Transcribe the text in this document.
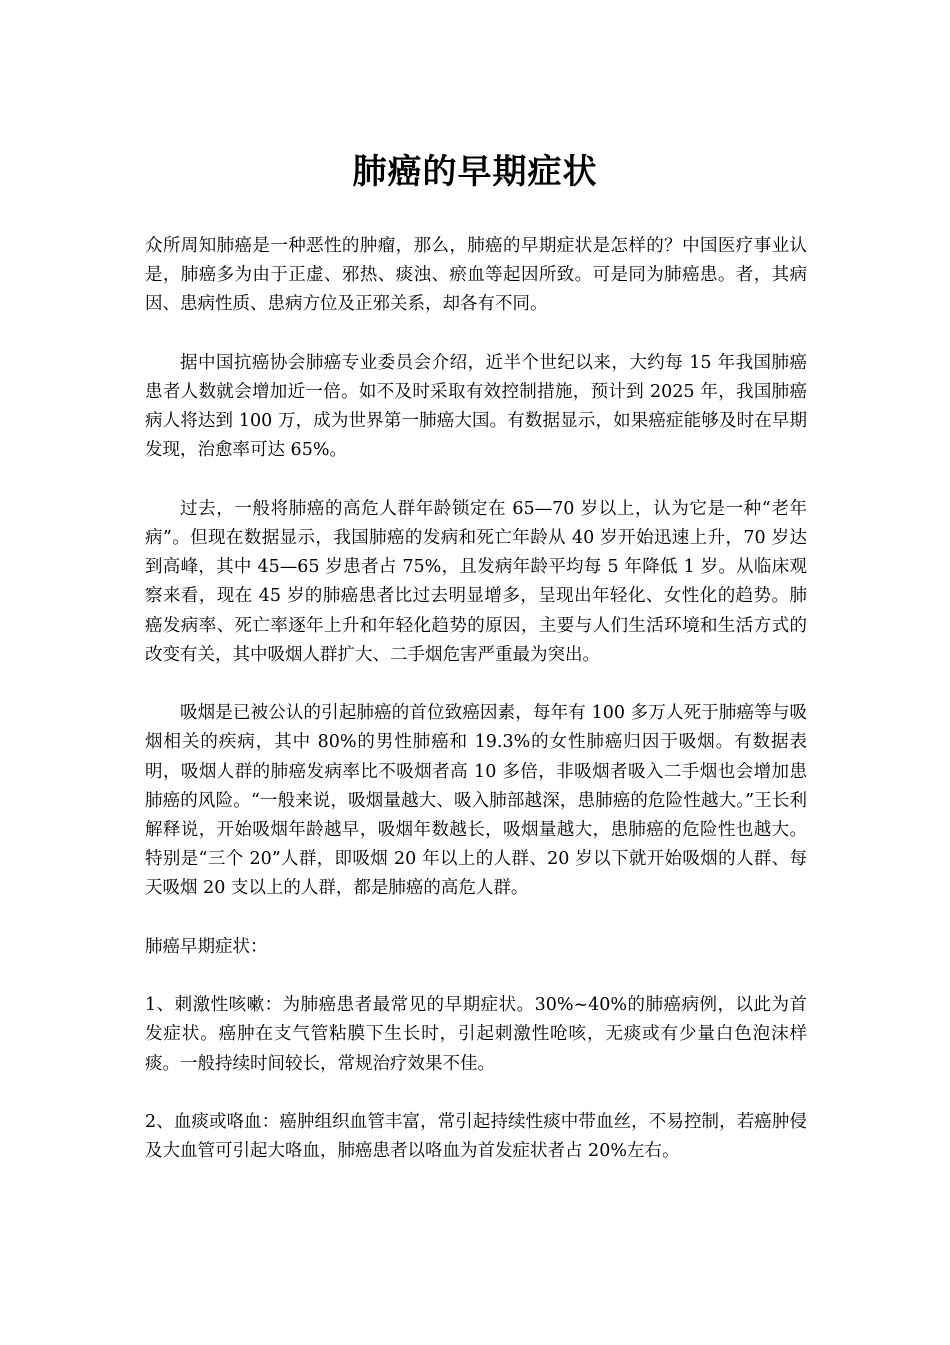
肺癌的早期症状

众所周知肺癌是一种恶性的肿瘤，那么，肺癌的早期症状是怎样的？中国医疗事业认是，肺癌多为由于正虚、邪热、痰浊、瘀血等起因所致。可是同为肺癌患。者，其病因、患病性质、患病方位及正邪关系，却各有不同。

据中国抗癌协会肺癌专业委员会介绍，近半个世纪以来，大约每 15 年我国肺癌患者人数就会增加近一倍。如不及时采取有效控制措施，预计到 2025 年，我国肺癌病人将达到 100 万，成为世界第一肺癌大国。有数据显示，如果癌症能够及时在早期发现，治愈率可达 65%。

过去，一般将肺癌的高危人群年龄锁定在 65—70 岁以上，认为它是一种“老年病”。但现在数据显示，我国肺癌的发病和死亡年龄从 40 岁开始迅速上升，70 岁达到高峰，其中 45—65 岁患者占 75%，且发病年龄平均每 5 年降低 1 岁。从临床观察来看，现在 45 岁的肺癌患者比过去明显增多，呈现出年轻化、女性化的趋势。肺癌发病率、死亡率逐年上升和年轻化趋势的原因，主要与人们生活环境和生活方式的改变有关，其中吸烟人群扩大、二手烟危害严重最为突出。

吸烟是已被公认的引起肺癌的首位致癌因素，每年有 100 多万人死于肺癌等与吸烟相关的疾病，其中 80%的男性肺癌和 19.3%的女性肺癌归因于吸烟。有数据表明，吸烟人群的肺癌发病率比不吸烟者高 10 多倍，非吸烟者吸入二手烟也会增加患肺癌的风险。“一般来说，吸烟量越大、吸入肺部越深，患肺癌的危险性越大。”王长利解释说，开始吸烟年龄越早，吸烟年数越长，吸烟量越大，患肺癌的危险性也越大。特别是“三个 20”人群，即吸烟 20 年以上的人群、20 岁以下就开始吸烟的人群、每天吸烟 20 支以上的人群，都是肺癌的高危人群。

肺癌早期症状：

1、刺激性咳嗽：为肺癌患者最常见的早期症状。30%~40%的肺癌病例，以此为首发症状。癌肿在支气管粘膜下生长时，引起刺激性呛咳，无痰或有少量白色泡沫样痰。一般持续时间较长，常规治疗效果不佳。

2、血痰或咯血：癌肿组织血管丰富，常引起持续性痰中带血丝，不易控制，若癌肿侵及大血管可引起大咯血，肺癌患者以咯血为首发症状者占 20%左右。
